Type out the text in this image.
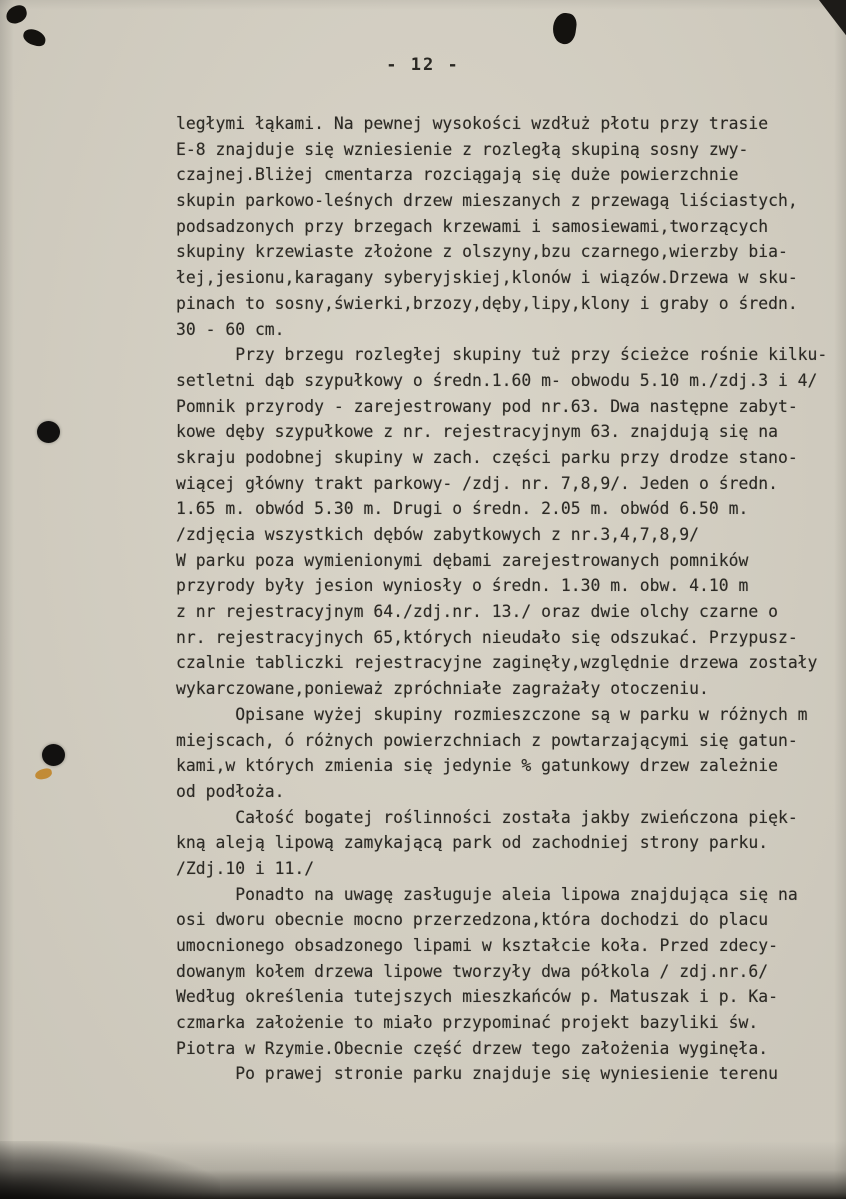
- 12 -
ległymi łąkami. Na pewnej wysokości wzdłuż płotu przy trasie
E-8 znajduje się wzniesienie z rozległą skupiną sosny zwy-
czajnej.Bliżej cmentarza rozciągają się duże powierzchnie
skupin parkowo-leśnych drzew mieszanych z przewagą liściastych,
podsadzonych przy brzegach krzewami i samosiewami,tworzących
skupiny krzewiaste złożone z olszyny,bzu czarnego,wierzby bia-
łej,jesionu,karagany syberyjskiej,klonów i wiązów.Drzewa w sku-
pinach to sosny,świerki,brzozy,dęby,lipy,klony i graby o średn.
30 - 60 cm.
Przy brzegu rozległej skupiny tuż przy ścieżce rośnie kilku-
setletni dąb szypułkowy o średn.1.60 m- obwodu 5.10 m./zdj.3 i 4/
Pomnik przyrody - zarejestrowany pod nr.63. Dwa następne zabyt-
kowe dęby szypułkowe z nr. rejestracyjnym 63. znajdują się na
skraju podobnej skupiny w zach. części parku przy drodze stano-
wiącej główny trakt parkowy- /zdj. nr. 7,8,9/. Jeden o średn.
1.65 m. obwód 5.30 m. Drugi o średn. 2.05 m. obwód 6.50 m.
/zdjęcia wszystkich dębów zabytkowych z nr.3,4,7,8,9/
W parku poza wymienionymi dębami zarejestrowanych pomników
przyrody były jesion wyniosły o średn. 1.30 m. obw. 4.10 m
z nr rejestracyjnym 64./zdj.nr. 13./ oraz dwie olchy czarne o
nr. rejestracyjnych 65,których nieudało się odszukać. Przypusz-
czalnie tabliczki rejestracyjne zaginęły,względnie drzewa zostały
wykarczowane,ponieważ zpróchniałe zagrażały otoczeniu.
Opisane wyżej skupiny rozmieszczone są w parku w różnych m
miejscach, ó różnych powierzchniach z powtarzającymi się gatun-
kami,w których zmienia się jedynie % gatunkowy drzew zależnie
od podłoża.
Całość bogatej roślinności została jakby zwieńczona pięk-
kną aleją lipową zamykającą park od zachodniej strony parku.
/Zdj.10 i 11./
Ponadto na uwagę zasługuje aleia lipowa znajdująca się na
osi dworu obecnie mocno przerzedzona,która dochodzi do placu
umocnionego obsadzonego lipami w kształcie koła. Przed zdecy-
dowanym kołem drzewa lipowe tworzyły dwa półkola / zdj.nr.6/
Według określenia tutejszych mieszkańców p. Matuszak i p. Ka-
czmarka założenie to miało przypominać projekt bazyliki św.
Piotra w Rzymie.Obecnie część drzew tego założenia wyginęła.
Po prawej stronie parku znajduje się wyniesienie terenu
